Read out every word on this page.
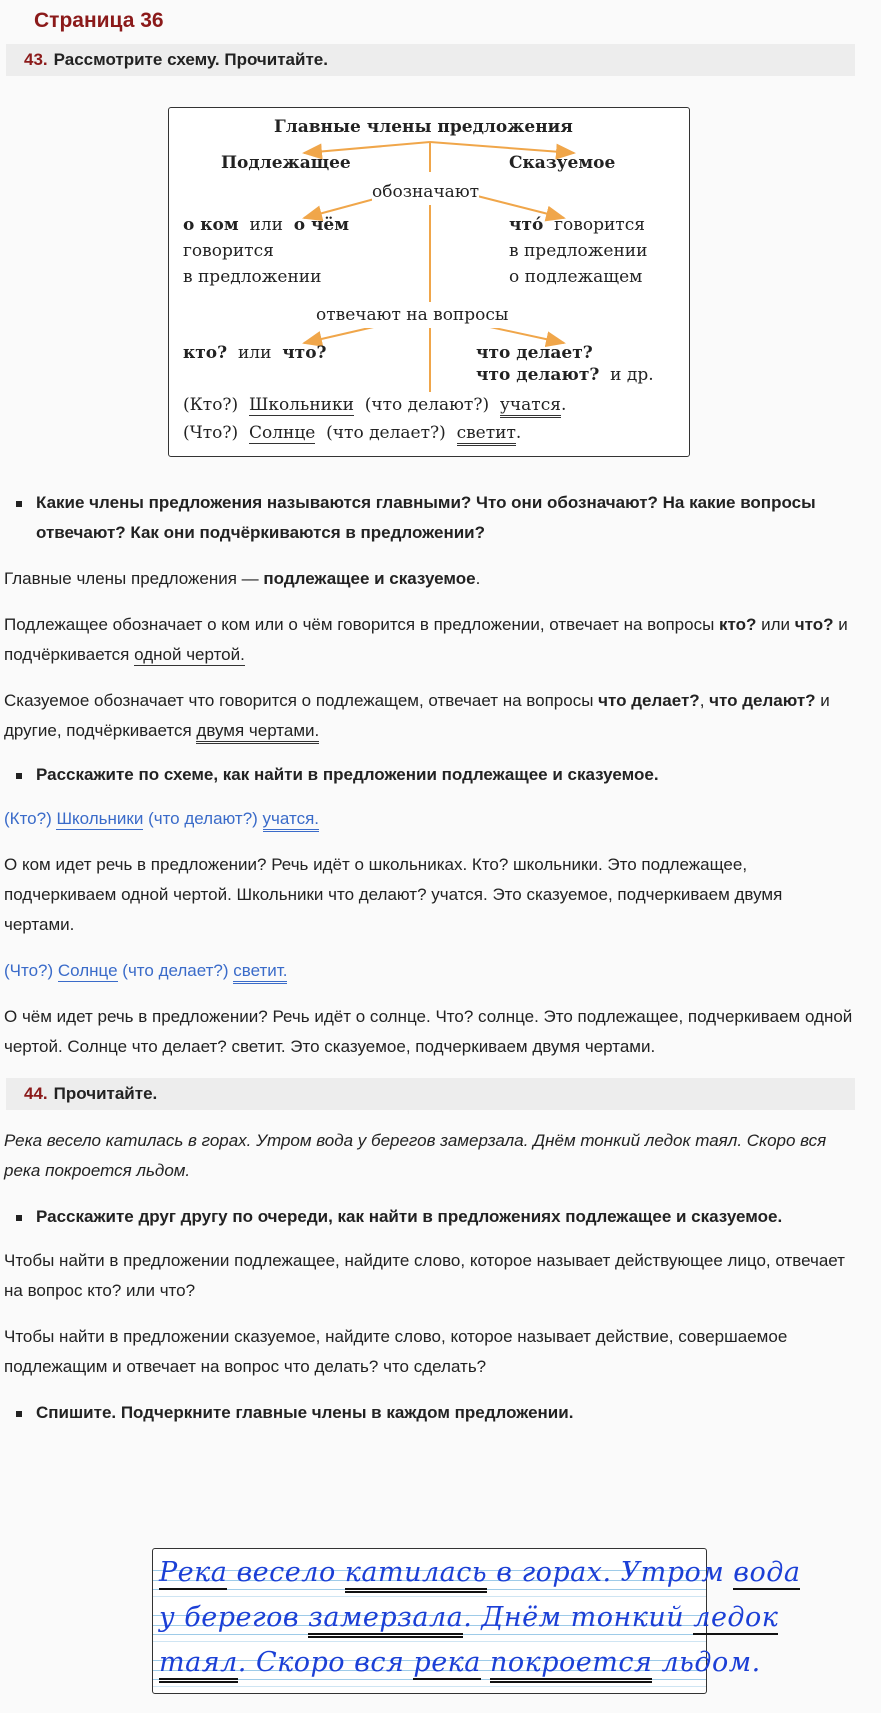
Страница 36
43. Рассмотрите схему. Прочитайте.
Какие члены предложения называются главными? Что они обозначают? На какие вопросы отвечают? Как они подчёркиваются в предложении?

Главные члены предложения — подлежащее и сказуемое.

Подлежащее обозначает о ком или о чём говорится в предложении, отвечает на вопросы кто? или что? и подчёркивается одной чертой.

Сказуемое обозначает что говорится о подлежащем, отвечает на вопросы что делает?, что делают? и другие, подчёркивается двумя чертами.

Расскажите по схеме, как найти в предложении подлежащее и сказуемое.

(Кто?) Школьники (что делают?) учатся.

О ком идет речь в предложении? Речь идёт о школьниках. Кто? школьники. Это подлежащее, подчеркиваем одной чертой. Школьники что делают? учатся. Это сказуемое, подчеркиваем двумя чертами.

(Что?) Солнце (что делает?) светит.

О чём идет речь в предложении? Речь идёт о солнце. Что? солнце. Это подлежащее, подчеркиваем одной чертой. Солнце что делает? светит. Это сказуемое, подчеркиваем двумя чертами.

44. Прочитайте.

Река весело катилась в горах. Утром вода у берегов замерзала. Днём тонкий ледок таял. Скоро вся река покроется льдом.

Расскажите друг другу по очереди, как найти в предложениях подлежащее и сказуемое.

Чтобы найти в предложении подлежащее, найдите слово, которое называет действующее лицо, отвечает на вопрос кто? или что?

Чтобы найти в предложении сказуемое, найдите слово, которое называет действие, совершаемое подлежащим и отвечает на вопрос что делать? что сделать?

Спишите. Подчеркните главные члены в каждом предложении.
Главные члены предложения
Подлежащее	Сказуемое
обозначают
о ком или о чём
говорится
в предложении
что́ говорится
в предложении
о подлежащем
отвечают на вопросы
кто? или что?	что делает?
что делают? и др.
(Кто?) Школьники (что делают?) учатся.
(Что?) Солнце (что делает?) светит.
Река весело катилась в горах. Утром вода
у берегов замерзала. Днём тонкий ледок
таял. Скоро вся река покроется льдом.
